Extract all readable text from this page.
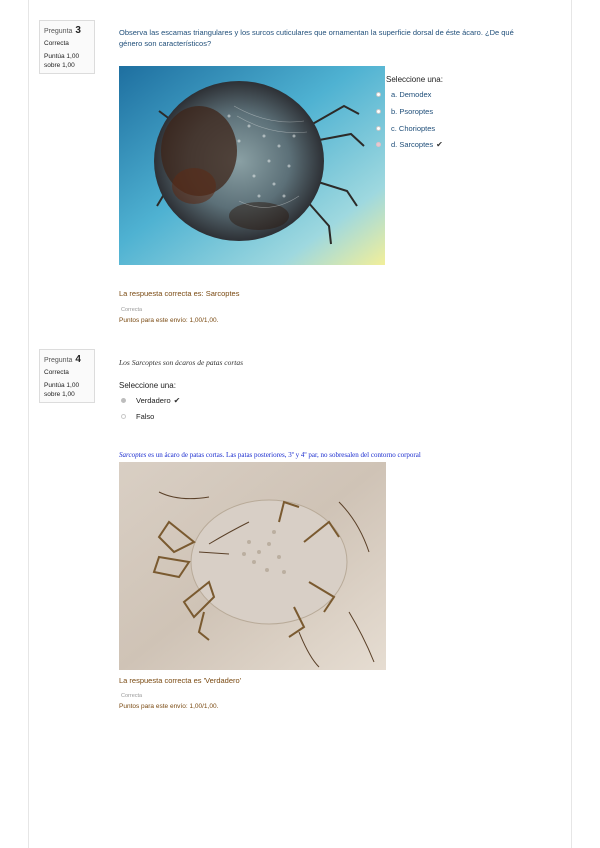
Pregunta 3
Correcta
Puntúa 1,00
sobre 1,00
Observa las escamas triangulares y los surcos cuticulares que ornamentan la superficie dorsal de éste ácaro. ¿De qué
género son característicos?
Seleccione una:
a. Demodex
b. Psoroptes
c. Chorioptes
d. Sarcoptes ✔
La respuesta correcta es: Sarcoptes
Correcta
Puntos para este envío: 1,00/1,00.
Pregunta 4
Correcta
Puntúa 1,00
sobre 1,00
Los Sarcoptes son ácaros de patas cortas
Seleccione una:
Verdadero ✔
Falso
Sarcoptes es un ácaro de patas cortas. Las patas posteriores, 3º y 4º par, no sobresalen del contorno corporal
La respuesta correcta es 'Verdadero'
Correcta
Puntos para este envío: 1,00/1,00.
